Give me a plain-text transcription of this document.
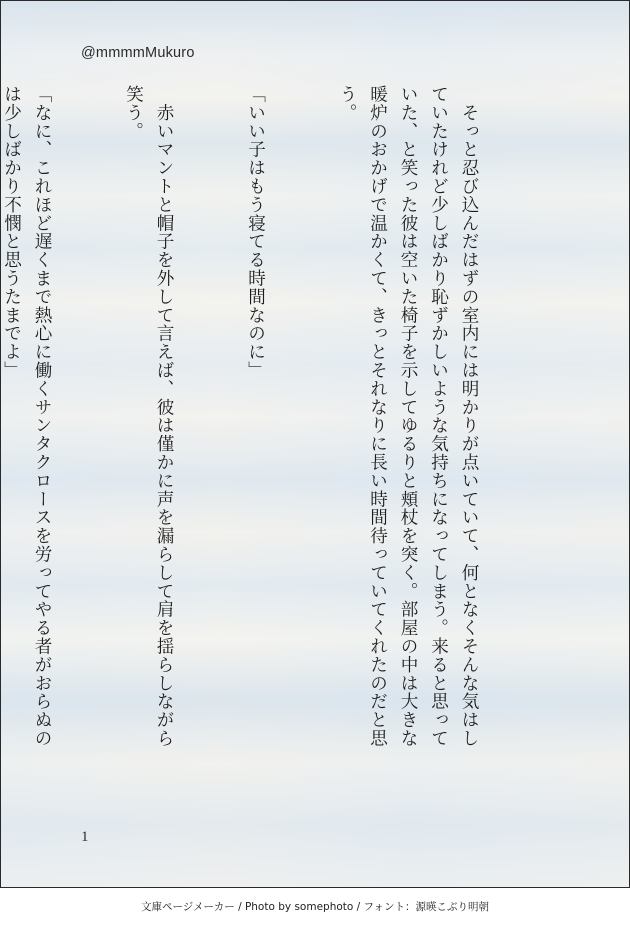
@mmmmMukuro

　そっと忍び込んだはずの室内には明かりが点いていて、何となくそんな気はし
ていたけれど少しばかり恥ずかしいような気持ちになってしまう。来ると思って
いた、と笑った彼は空いた椅子を示してゆるりと頬杖を突く。部屋の中は大きな
暖炉のおかげで温かくて、きっとそれなりに長い時間待っていてくれたのだと思
う。

「いい子はもう寝てる時間なのに」

　赤いマントと帽子を外して言えば、彼は僅かに声を漏らして肩を揺らしながら
笑う。

「なに、これほど遅くまで熱心に働くサンタクロースを労ってやる者がおらぬの
は少しばかり不憫と思うたまでよ」

1
文庫ページメーカー / Photo by somephoto / フォント：源暎こぶり明朝
